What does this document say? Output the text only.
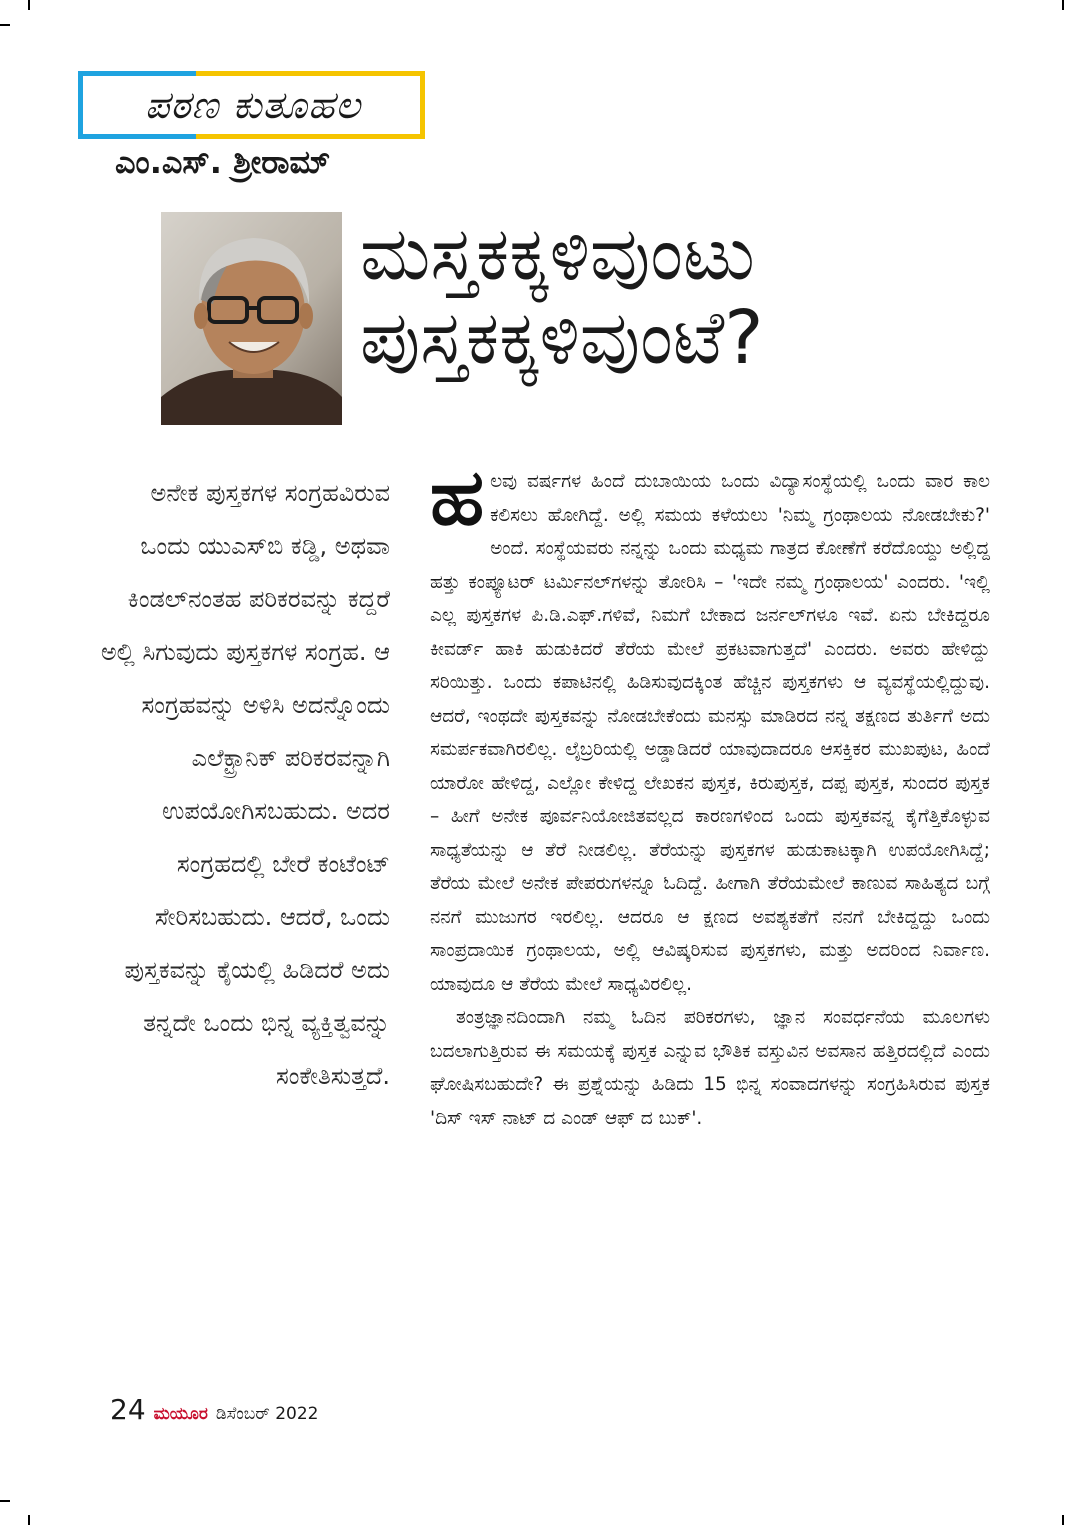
ಪಠಣ ಕುತೂಹಲ
ಎಂ.ಎಸ್. ಶ್ರೀರಾಮ್
ಮಸ್ತಕಕ್ಕಳಿವುಂಟು
ಪುಸ್ತಕಕ್ಕಳಿವುಂಟೆ?

ಅನೇಕ ಪುಸ್ತಕಗಳ ಸಂಗ್ರಹವಿರುವ ಒಂದು ಯುಎಸ್‌ಬಿ ಕಡ್ಡಿ, ಅಥವಾ ಕಿಂಡಲ್‌ನಂತಹ ಪರಿಕರವನ್ನು ಕದ್ದರೆ ಅಲ್ಲಿ ಸಿಗುವುದು ಪುಸ್ತಕಗಳ ಸಂಗ್ರಹ. ಆ ಸಂಗ್ರಹವನ್ನು ಅಳಿಸಿ ಅದನ್ನೊಂದು ಎಲೆಕ್ಟ್ರಾನಿಕ್ ಪರಿಕರವನ್ನಾಗಿ ಉಪಯೋಗಿಸಬಹುದು. ಅದರ ಸಂಗ್ರಹದಲ್ಲಿ ಬೇರೆ ಕಂಟೆಂಟ್ ಸೇರಿಸಬಹುದು. ಆದರೆ, ಒಂದು ಪುಸ್ತಕವನ್ನು ಕೈಯಲ್ಲಿ ಹಿಡಿದರೆ ಅದು ತನ್ನದೇ ಒಂದು ಭಿನ್ನ ವ್ಯಕ್ತಿತ್ವವನ್ನು ಸಂಕೇತಿಸುತ್ತದೆ.

ಹಲವು ವರ್ಷಗಳ ಹಿಂದೆ ದುಬಾಯಿಯ ಒಂದು ವಿದ್ಯಾಸಂಸ್ಥೆಯಲ್ಲಿ ಒಂದು ವಾರ ಕಾಲ ಕಲಿಸಲು ಹೋಗಿದ್ದೆ. ಅಲ್ಲಿ ಸಮಯ ಕಳೆಯಲು 'ನಿಮ್ಮ ಗ್ರಂಥಾಲಯ ನೋಡಬೇಕು?' ಅಂದೆ. ಸಂಸ್ಥೆಯವರು ನನ್ನನ್ನು ಒಂದು ಮಧ್ಯಮ ಗಾತ್ರದ ಕೋಣೆಗೆ ಕರೆದೊಯ್ದು ಅಲ್ಲಿದ್ದ ಹತ್ತು ಕಂಪ್ಯೂಟರ್ ಟರ್ಮಿನಲ್‌ಗಳನ್ನು ತೋರಿಸಿ – 'ಇದೇ ನಮ್ಮ ಗ್ರಂಥಾಲಯ' ಎಂದರು. 'ಇಲ್ಲಿ ಎಲ್ಲ ಪುಸ್ತಕಗಳ ಪಿ.ಡಿ.ಎಫ್.ಗಳಿವೆ, ನಿಮಗೆ ಬೇಕಾದ ಜರ್ನಲ್‌ಗಳೂ ಇವೆ. ಏನು ಬೇಕಿದ್ದರೂ ಕೀವರ್ಡ್ ಹಾಕಿ ಹುಡುಕಿದರೆ ತೆರೆಯ ಮೇಲೆ ಪ್ರಕಟವಾಗುತ್ತದೆ' ಎಂದರು. ಅವರು ಹೇಳಿದ್ದು ಸರಿಯಿತ್ತು. ಒಂದು ಕಪಾಟಿನಲ್ಲಿ ಹಿಡಿಸುವುದಕ್ಕಿಂತ ಹೆಚ್ಚಿನ ಪುಸ್ತಕಗಳು ಆ ವ್ಯವಸ್ಥೆಯಲ್ಲಿದ್ದುವು. ಆದರೆ, ಇಂಥದೇ ಪುಸ್ತಕವನ್ನು ನೋಡಬೇಕೆಂದು ಮನಸ್ಸು ಮಾಡಿರದ ನನ್ನ ತಕ್ಷಣದ ತುರ್ತಿಗೆ ಅದು ಸಮರ್ಪಕವಾಗಿರಲಿಲ್ಲ. ಲೈಬ್ರರಿಯಲ್ಲಿ ಅಡ್ಡಾಡಿದರೆ ಯಾವುದಾದರೂ ಆಸಕ್ತಿಕರ ಮುಖಪುಟ, ಹಿಂದೆ ಯಾರೋ ಹೇಳಿದ್ದ, ಎಲ್ಲೋ ಕೇಳಿದ್ದ ಲೇಖಕನ ಪುಸ್ತಕ, ಕಿರುಪುಸ್ತಕ, ದಪ್ಪ ಪುಸ್ತಕ, ಸುಂದರ ಪುಸ್ತಕ – ಹೀಗೆ ಅನೇಕ ಪೂರ್ವನಿಯೋಜಿತವಲ್ಲದ ಕಾರಣಗಳಿಂದ ಒಂದು ಪುಸ್ತಕವನ್ನ ಕೈಗೆತ್ತಿಕೊಳ್ಳುವ ಸಾಧ್ಯತೆಯನ್ನು ಆ ತೆರೆ ನೀಡಲಿಲ್ಲ. ತೆರೆಯನ್ನು ಪುಸ್ತಕಗಳ ಹುಡುಕಾಟಕ್ಕಾಗಿ ಉಪಯೋಗಿಸಿದ್ದೆ; ತೆರೆಯ ಮೇಲೆ ಅನೇಕ ಪೇಪರುಗಳನ್ನೂ ಓದಿದ್ದೆ. ಹೀಗಾಗಿ ತೆರೆಯಮೇಲೆ ಕಾಣುವ ಸಾಹಿತ್ಯದ ಬಗ್ಗೆ ನನಗೆ ಮುಜುಗರ ಇರಲಿಲ್ಲ. ಆದರೂ ಆ ಕ್ಷಣದ ಅವಶ್ಯಕತೆಗೆ ನನಗೆ ಬೇಕಿದ್ದದ್ದು ಒಂದು ಸಾಂಪ್ರದಾಯಿಕ ಗ್ರಂಥಾಲಯ, ಅಲ್ಲಿ ಆವಿಷ್ಕರಿಸುವ ಪುಸ್ತಕಗಳು, ಮತ್ತು ಅದರಿಂದ ನಿರ್ವಾಣ. ಯಾವುದೂ ಆ ತೆರೆಯ ಮೇಲೆ ಸಾಧ್ಯವಿರಲಿಲ್ಲ.

ತಂತ್ರಜ್ಞಾನದಿಂದಾಗಿ ನಮ್ಮ ಓದಿನ ಪರಿಕರಗಳು, ಜ್ಞಾನ ಸಂವರ್ಧನೆಯ ಮೂಲಗಳು ಬದಲಾಗುತ್ತಿರುವ ಈ ಸಮಯಕ್ಕೆ ಪುಸ್ತಕ ಎನ್ನುವ ಭೌತಿಕ ವಸ್ತುವಿನ ಅವಸಾನ ಹತ್ತಿರದಲ್ಲಿದೆ ಎಂದು ಘೋಷಿಸಬಹುದೇ? ಈ ಪ್ರಶ್ನೆಯನ್ನು ಹಿಡಿದು 15 ಭಿನ್ನ ಸಂವಾದಗಳನ್ನು ಸಂಗ್ರಹಿಸಿರುವ ಪುಸ್ತಕ 'ದಿಸ್ ಇಸ್ ನಾಟ್ ದ ಎಂಡ್ ಆಫ್ ದ ಬುಕ್'.

24 ಮಯೂರ ಡಿಸೆಂಬರ್ 2022
